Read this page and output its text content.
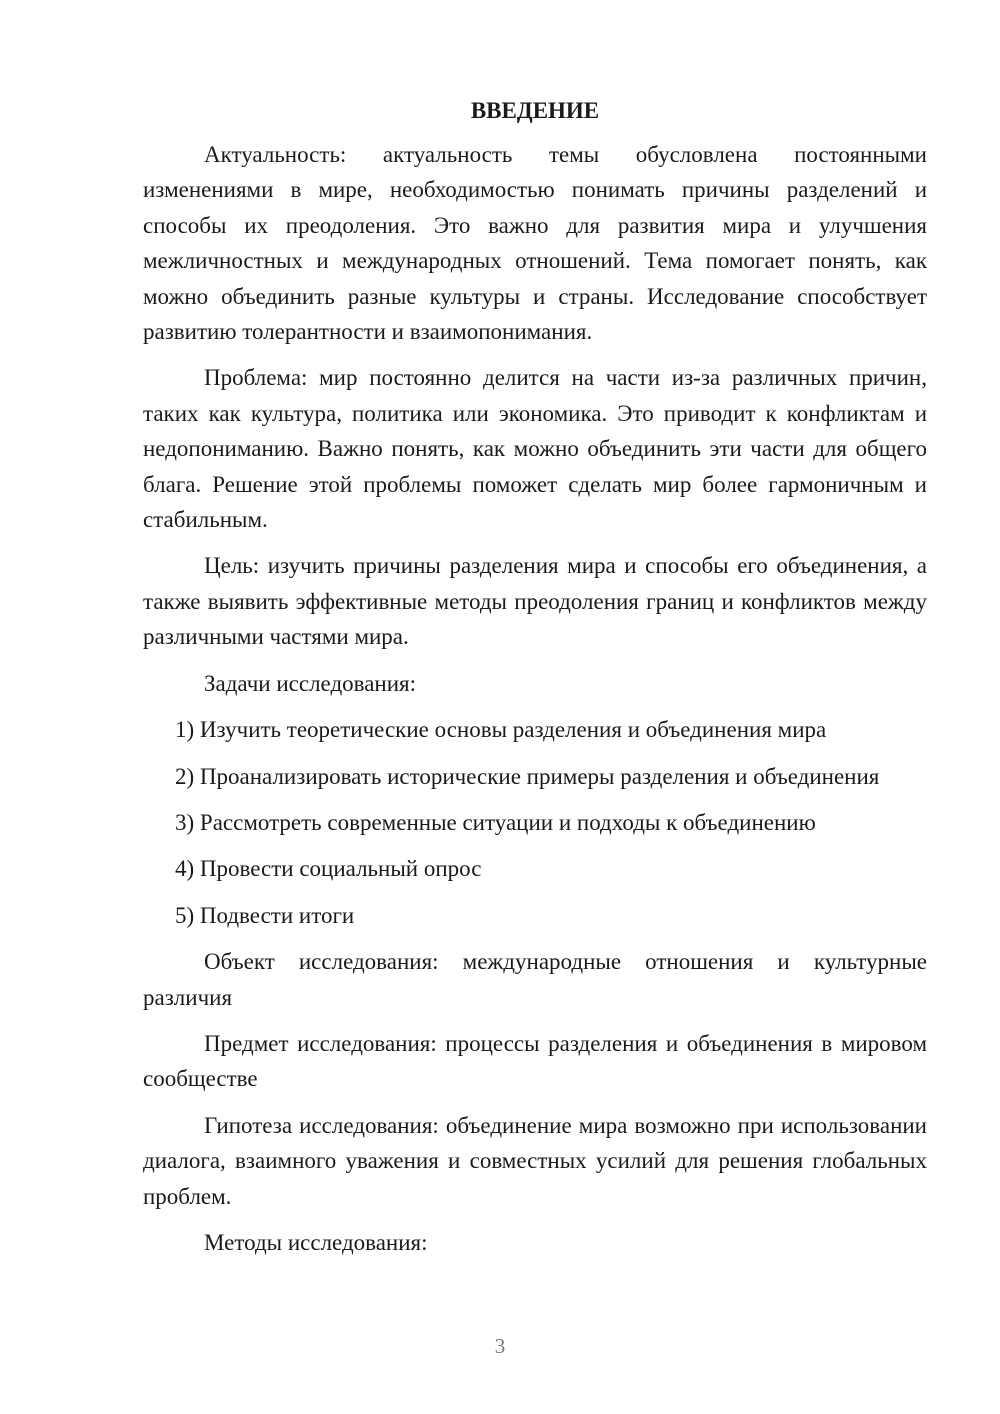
ВВЕДЕНИЕ

Актуальность: актуальность темы обусловлена постоянными изменениями в мире, необходимостью понимать причины разделений и способы их преодоления. Это важно для развития мира и улучшения межличностных и международных отношений. Тема помогает понять, как можно объединить разные культуры и страны. Исследование способствует развитию толерантности и взаимопонимания.

Проблема: мир постоянно делится на части из-за различных причин, таких как культура, политика или экономика. Это приводит к конфликтам и недопониманию. Важно понять, как можно объединить эти части для общего блага. Решение этой проблемы поможет сделать мир более гармоничным и стабильным.

Цель: изучить причины разделения мира и способы его объединения, а также выявить эффективные методы преодоления границ и конфликтов между различными частями мира.

Задачи исследования:

1) Изучить теоретические основы разделения и объединения мира

2) Проанализировать исторические примеры разделения и объединения

3) Рассмотреть современные ситуации и подходы к объединению

4) Провести социальный опрос

5) Подвести итоги

Объект исследования: международные отношения и культурные различия

Предмет исследования: процессы разделения и объединения в мировом сообществе

Гипотеза исследования: объединение мира возможно при использовании диалога, взаимного уважения и совместных усилий для решения глобальных проблем.

Методы исследования:

3
